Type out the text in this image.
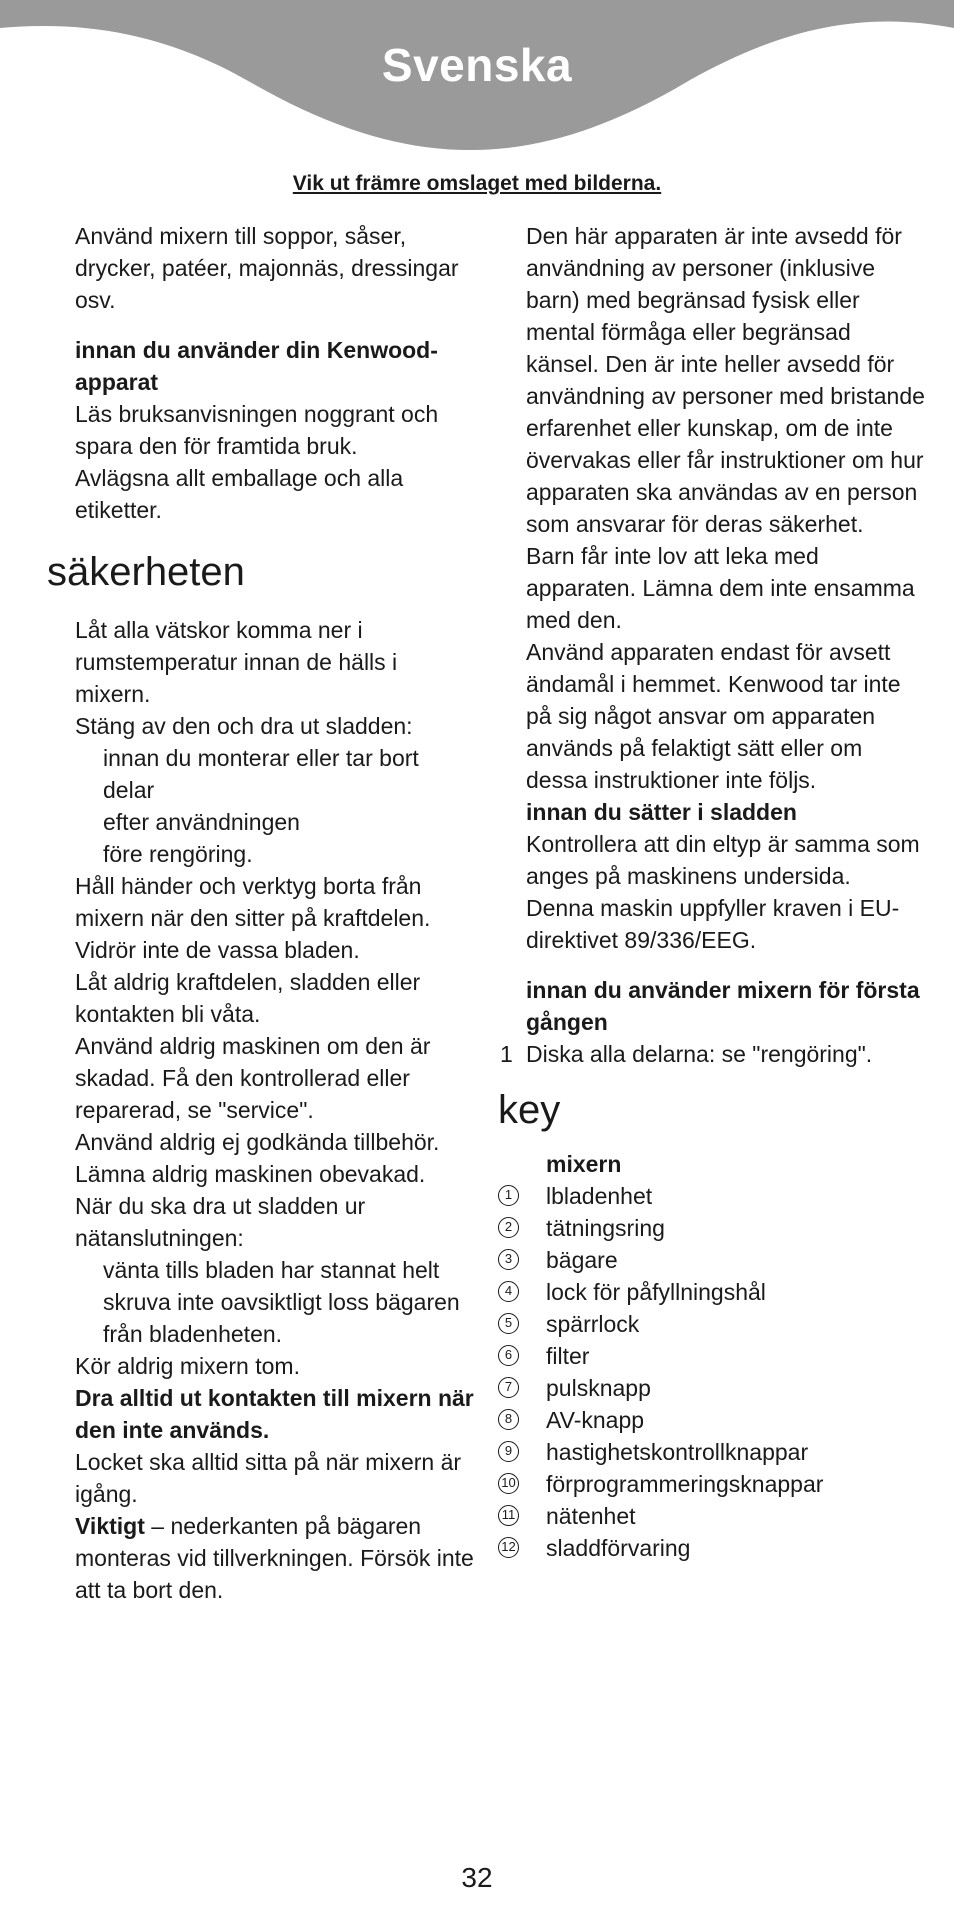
Svenska
Vik ut främre omslaget med bilderna.

Använd mixern till soppor, såser, drycker, patéer, majonnäs, dressingar osv.

innan du använder din Kenwood-apparat

Läs bruksanvisningen noggrant och spara den för framtida bruk.

Avlägsna allt emballage och alla etiketter.

säkerheten

Låt alla vätskor komma ner i rumstemperatur innan de hälls i mixern.

Stäng av den och dra ut sladden:

innan du monterar eller tar bort delar

efter användningen

före rengöring.

Håll händer och verktyg borta från mixern när den sitter på kraftdelen.

Vidrör inte de vassa bladen.

Låt aldrig kraftdelen, sladden eller kontakten bli våta.

Använd aldrig maskinen om den är skadad. Få den kontrollerad eller reparerad, se "service".

Använd aldrig ej godkända tillbehör.

Lämna aldrig maskinen obevakad.

När du ska dra ut sladden ur nätanslutningen:

vänta tills bladen har stannat helt

skruva inte oavsiktligt loss bägaren från bladenheten.

Kör aldrig mixern tom.

Dra alltid ut kontakten till mixern när den inte används.

Locket ska alltid sitta på när mixern är igång.

Viktigt – nederkanten på bägaren monteras vid tillverkningen. Försök inte att ta bort den.

Den här apparaten är inte avsedd för användning av personer (inklusive barn) med begränsad fysisk eller mental förmåga eller begränsad känsel. Den är inte heller avsedd för användning av personer med bristande erfarenhet eller kunskap, om de inte övervakas eller får instruktioner om hur apparaten ska användas av en person som ansvarar för deras säkerhet.

Barn får inte lov att leka med apparaten. Lämna dem inte ensamma med den.

Använd apparaten endast för avsett ändamål i hemmet. Kenwood tar inte på sig något ansvar om apparaten används på felaktigt sätt eller om dessa instruktioner inte följs.

innan du sätter i sladden

Kontrollera att din eltyp är samma som anges på maskinens undersida.

Denna maskin uppfyller kraven i EU-direktivet 89/336/EEG.

innan du använder mixern för första gången

1 Diska alla delarna: se "rengöring".

key

mixern

1 lbladenhet
2 tätningsring
3 bägare
4 lock för påfyllningshål
5 spärrlock
6 filter
7 pulsknapp
8 AV-knapp
9 hastighetskontrollknappar
10 förprogrammeringsknappar
11 nätenhet
12 sladdförvaring
32
